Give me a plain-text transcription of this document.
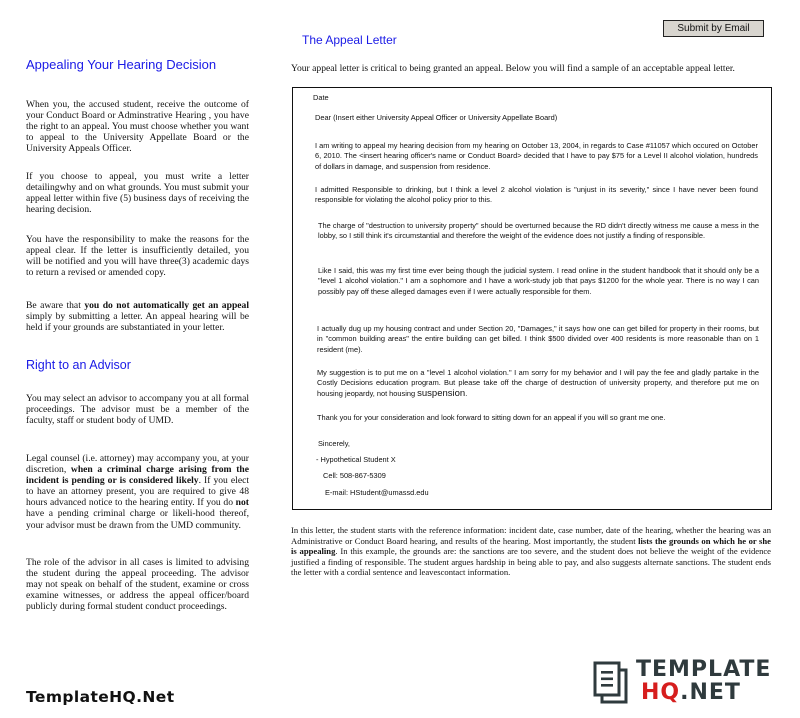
Appealing Your Hearing Decision

When you, the accused student, receive the outcome of your Conduct Board or Adminstrative Hearing , you have the right to an appeal. You must choose whether you want to appeal to the University Appellate Board or the University Appeals Officer.

If you choose to appeal, you must write a letter detailingwhy and on what grounds. You must submit your appeal letter within five (5) business days of receiving the hearing decision.

You have the responsibility to make the reasons for the appeal clear. If the letter is insufficiently detailed, you will be notified and you will have three(3) academic days to return a revised or amended copy.

Be aware that you do not automatically get an appeal simply by submitting a letter. An appeal hearing will be held if your grounds are substantiated in your letter.

Right to an Advisor

You may select an advisor to accompany you at all formal proceedings. The advisor must be a member of the faculty, staff or student body of UMD.

Legal counsel (i.e. attorney) may accompany you, at your discretion, when a criminal charge arising from the incident is pending or is considered likely. If you elect to have an attorney present, you are required to give 48 hours advanced notice to the hearing entity. If you do not have a pending criminal charge or likeli-hood thereof, your advisor must be drawn from the UMD community.

The role of the advisor in all cases is limited to advising the student during the appeal proceeding. The advisor may not speak on behalf of the student, examine or cross examine witnesses, or address the appeal officer/board publicly during formal student conduct proceedings.

The Appeal Letter
Submit by Email

Your appeal letter is critical to being granted an appeal. Below you will find a sample of an acceptable appeal letter.

Date

Dear (Insert either University Appeal Officer or University Appellate Board)

I am writing to appeal my hearing decision from my hearing on October 13, 2004, in regards to Case #11057 which occured on October 6, 2010. The <insert hearing officer's name or Conduct Board> decided that I have to pay $75 for a Level II alcohol violation, hundreds of dollars in damage, and suspension from residence.

I admitted Responsible to drinking, but I think a level 2 alcohol violation is "unjust in its severity," since I have never been found responsible for violating the alcohol policy prior to this.

The charge of "destruction to university property" should be overturned because the RD didn't directly witness me cause a mess in the lobby, so I still think it's circumstantial and therefore the weight of the evidence does not justify a finding of responsible.

Like I said, this was my first time ever being though the judicial system. I read online in the student handbook that it should only be a "level 1 alcohol violation." I am a sophomore and I have a work-study job that pays $1200 for the whole year. There is no way I can possibly pay off these alleged damages even if I were actually responsible for them.

I actually dug up my housing contract and under Section 20, "Damages," it says how one can get billed for property in their rooms, but in "common building areas" the entire building can get billed. I think $500 divided over 400 residents is more reasonable than on 1 resident (me).

My suggestion is to put me on a "level 1 alcohol violation." I am sorry for my behavior and I will pay the fee and gladly partake in the Costly Decisions education program. But please take off the charge of destruction of university property, and therefore put me on housing jeopardy, not housing suspension.

Thank you for your consideration and look forward to sitting down for an appeal if you will so grant me one.

Sincerely,

- Hypothetical Student X

Cell: 508-867-5309

E-mail: HStudent@umassd.edu

In this letter, the student starts with the reference information: incident date, case number, date of the hearing, whether the hearing was an Administrative or Conduct Board hearing, and results of the hearing. Most importantly, the student lists the grounds on which he or she is appealing. In this example, the grounds are: the sanctions are too severe, and the student does not believe the weight of the evidence justified a finding of responsible. The student argues hardship in being able to pay, and also suggests alternate sanctions. The student ends the letter with a cordial sentence and leavescontact information.

TemplateHQ.Net
TEMPLATE
HQ.NET
